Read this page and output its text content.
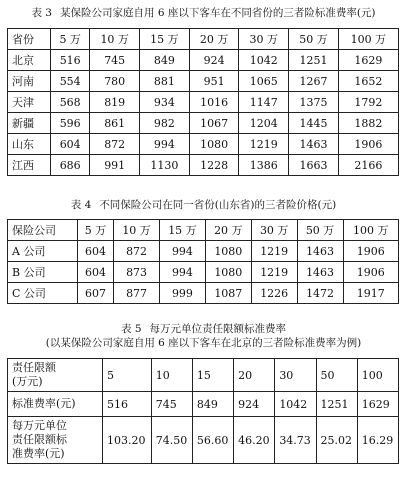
表 3 某保险公司家庭自用 6 座以下客车在不同省份的三者险标准费率(元)

省份	5 万	10 万	15 万	20 万	30 万	50 万	100 万
北京	516	745	849	924	1042	1251	1629
河南	554	780	881	951	1065	1267	1652
天津	568	819	934	1016	1147	1375	1792
新疆	596	861	982	1067	1204	1445	1882
山东	604	872	994	1080	1219	1463	1906
江西	686	991	1130	1228	1386	1663	2166

表 4 不同保险公司在同一省份(山东省)的三者险价格(元)

保险公司	5 万	10 万	15 万	20 万	30 万	50 万	100 万
A 公司	604	872	994	1080	1219	1463	1906
B 公司	604	873	994	1080	1219	1463	1906
C 公司	607	877	999	1087	1226	1472	1917

表 5 每万元单位责任限额标准费率

(以某保险公司家庭自用 6 座以下客车在北京的三者险标准费率为例)

责任限额
(万元)	5	10	15	20	30	50	100
标准费率(元)	516	745	849	924	1042	1251	1629
每万元单位
责任限额标
准费率(元)	103.20	74.50	56.60	46.20	34.73	25.02	16.29
